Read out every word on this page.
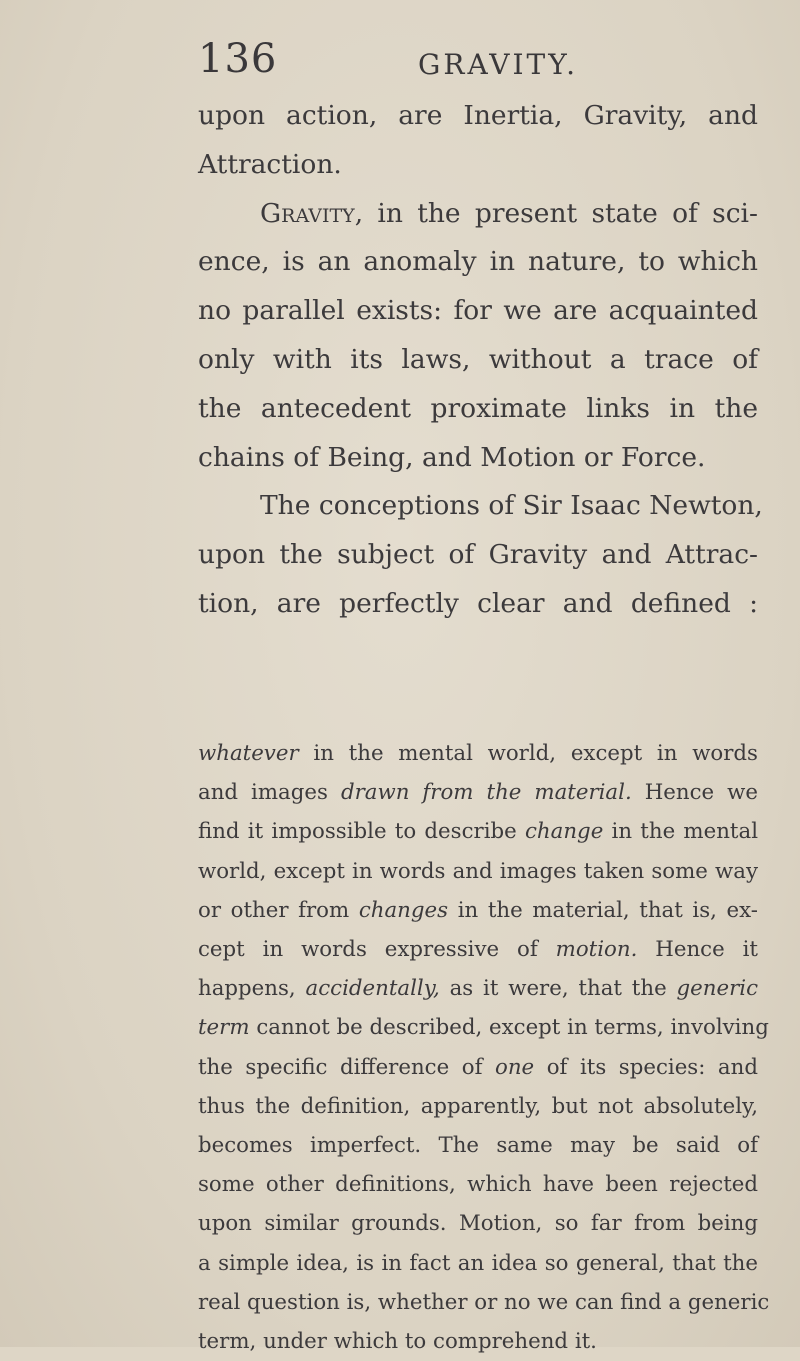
136	GRAVITY.

upon action, are Inertia, Gravity, and
Attraction.

Gravity, in the present state of sci-
ence, is an anomaly in nature, to which
no parallel exists: for we are acquainted
only with its laws, without a trace of
the antecedent proximate links in the
chains of Being, and Motion or Force.

The conceptions of Sir Isaac Newton,
upon the subject of Gravity and Attrac-
tion, are perfectly clear and defined :

whatever in the mental world, except in words
and images drawn from the material. Hence we
find it impossible to describe change in the mental
world, except in words and images taken some way
or other from changes in the material, that is, ex-
cept in words expressive of motion. Hence it
happens, accidentally, as it were, that the generic
term cannot be described, except in terms, involving
the specific difference of one of its species: and
thus the definition, apparently, but not absolutely,
becomes imperfect. The same may be said of
some other definitions, which have been rejected
upon similar grounds. Motion, so far from being
a simple idea, is in fact an idea so general, that the
real question is, whether or no we can find a generic
term, under which to comprehend it.
